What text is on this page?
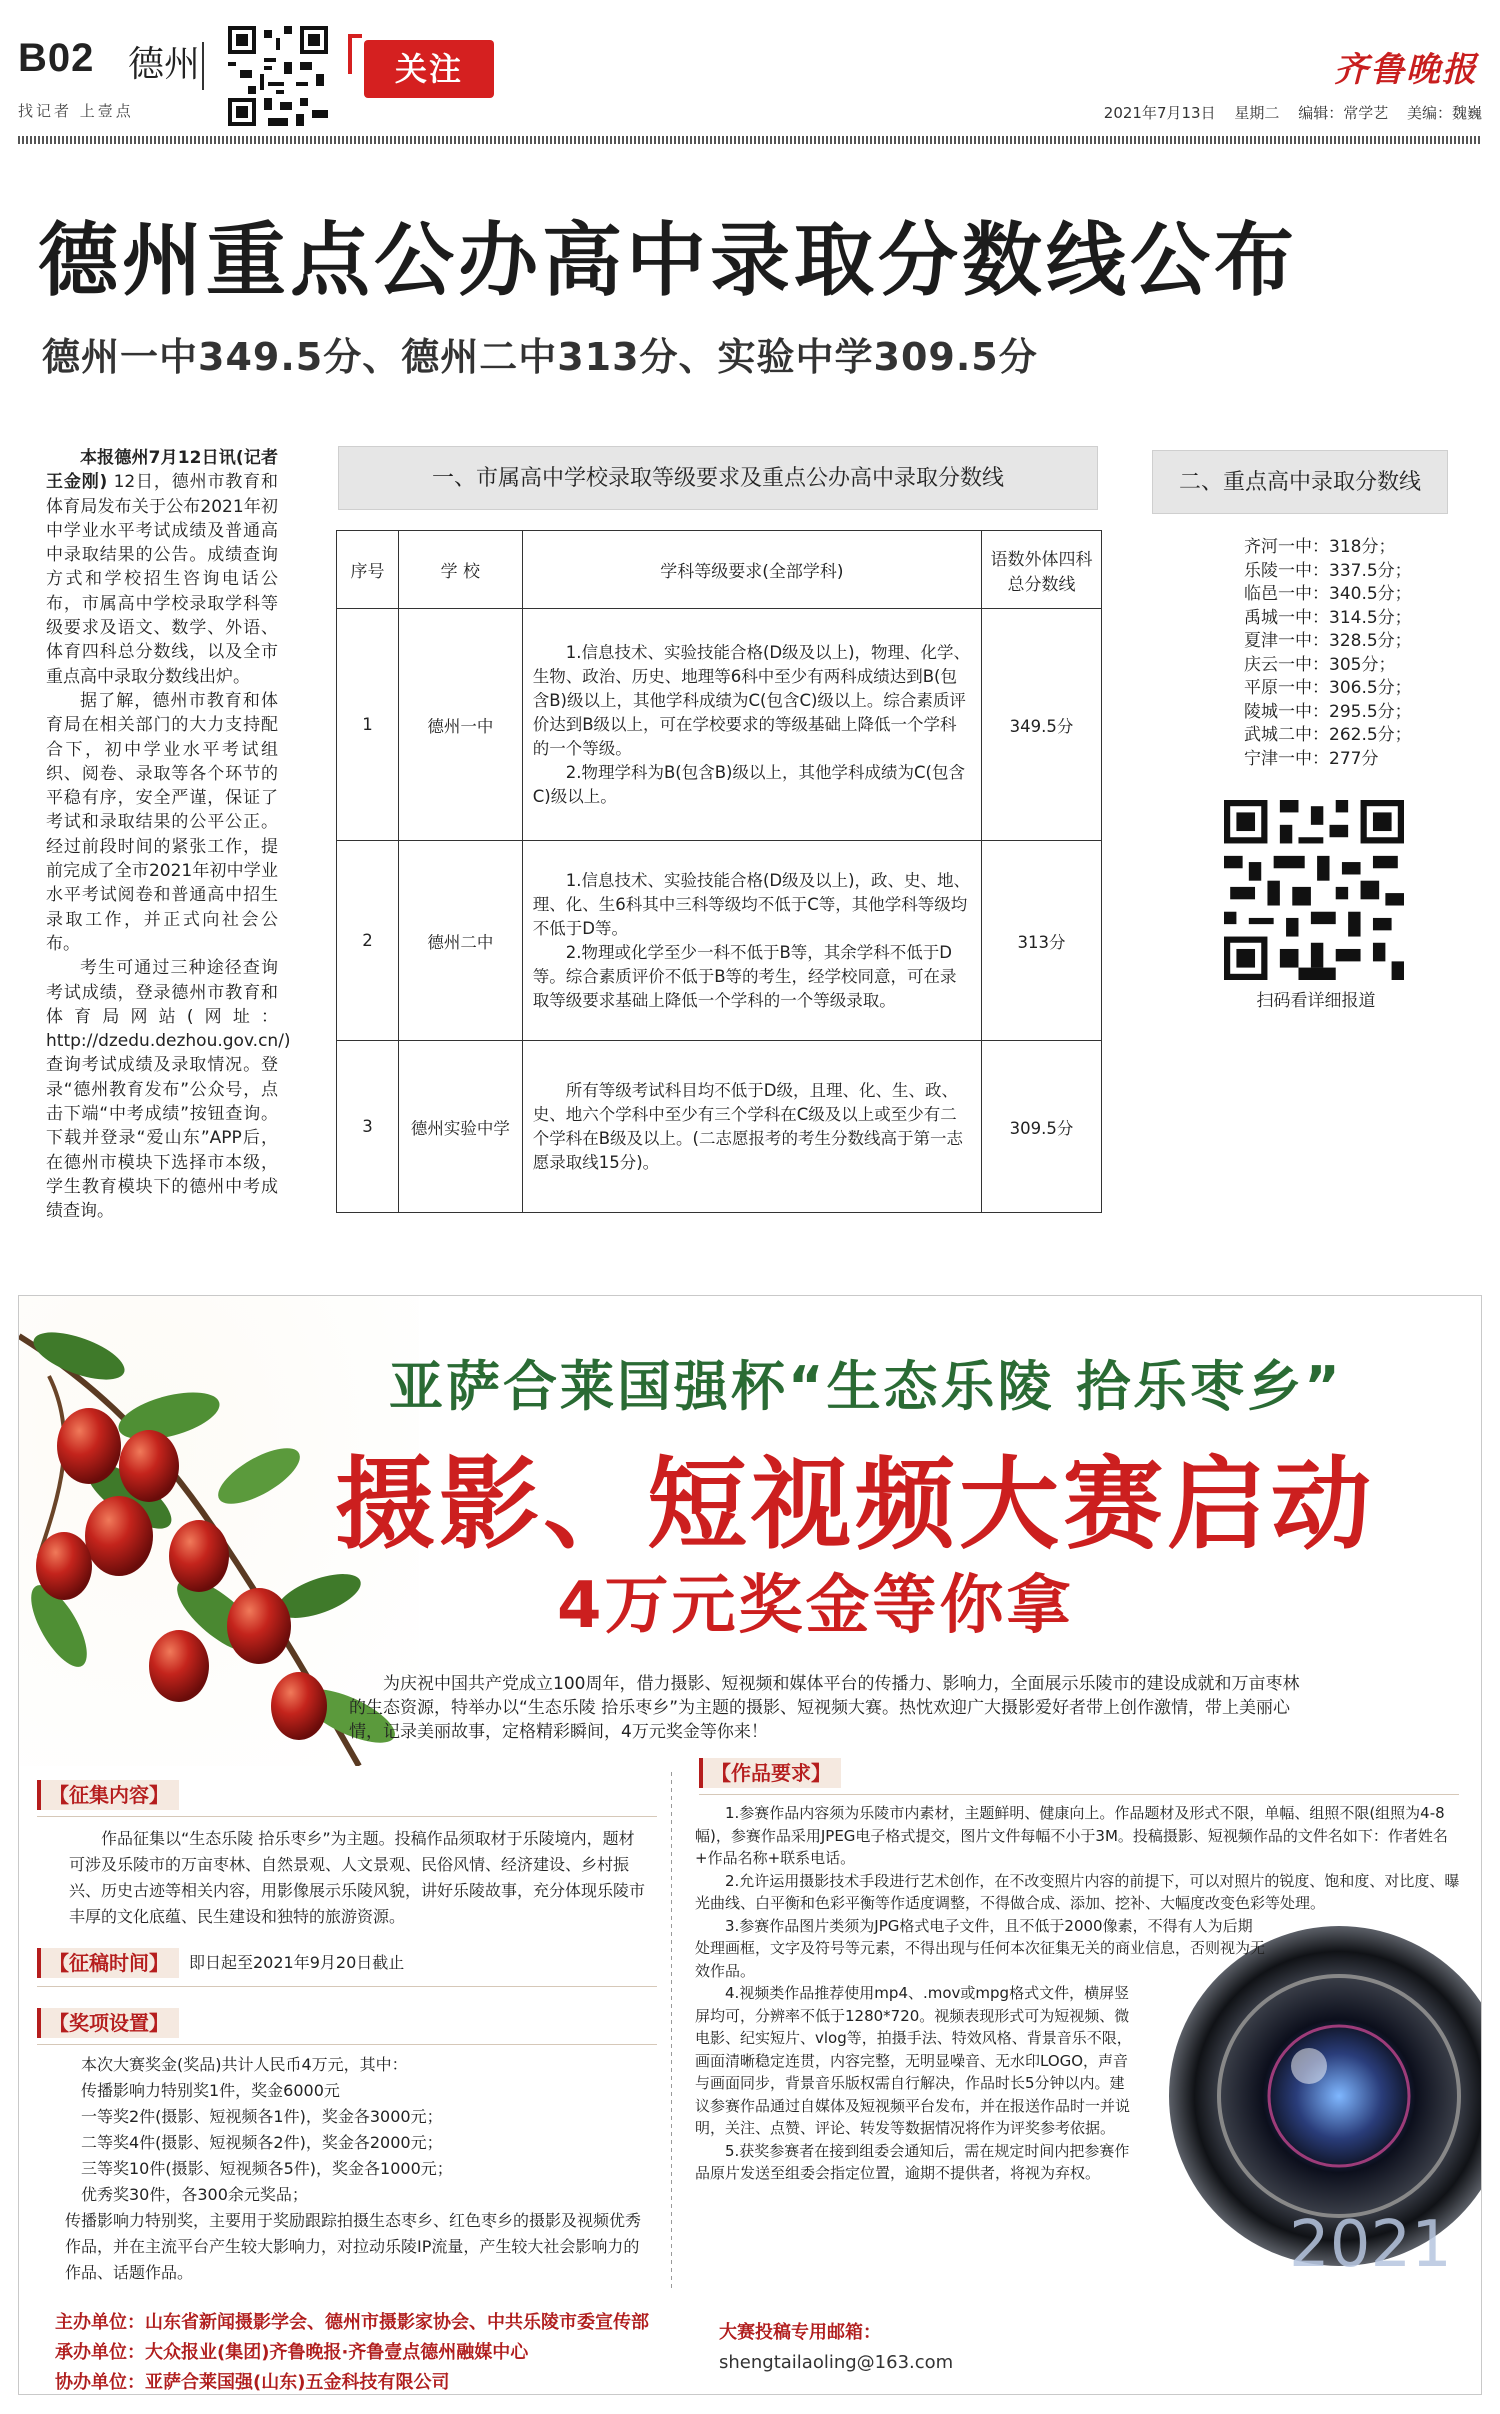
B02 德州	关注
找记者 上壹点
齐鲁晚报
2021年7月13日 星期二 编辑：常学艺 美编：魏巍
德州重点公办高中录取分数线公布
德州一中349.5分、德州二中313分、实验中学309.5分

本报德州7月12日讯(记者 王金刚) 12日，德州市教育和体育局发布关于公布2021年初中学业水平考试成绩及普通高中录取结果的公告。成绩查询方式和学校招生咨询电话公布，市属高中学校录取学科等级要求及语文、数学、外语、体育四科总分数线，以及全市重点高中录取分数线出炉。

据了解，德州市教育和体育局在相关部门的大力支持配合下，初中学业水平考试组织、阅卷、录取等各个环节的平稳有序，安全严谨，保证了考试和录取结果的公平公正。经过前段时间的紧张工作，提前完成了全市2021年初中学业水平考试阅卷和普通高中招生录取工作，并正式向社会公布。

考生可通过三种途径查询考试成绩，登录德州市教育和体育局网站(网址：http://dzedu.dezhou.gov.cn/)查询考试成绩及录取情况。登录“德州教育发布”公众号，点击下端“中考成绩”按钮查询。下载并登录“爱山东”APP后，在德州市模块下选择市本级，学生教育模块下的德州中考成绩查询。

一、市属高中学校录取等级要求及重点公办高中录取分数线
序号	学 校	学科等级要求(全部学科)	语数外体四科总分数线
1	德州一中	1.信息技术、实验技能合格(D级及以上)，物理、化学、生物、政治、历史、地理等6科中至少有两科成绩达到B(包含B)级以上，其他学科成绩为C(包含C)级以上。综合素质评价达到B级以上，可在学校要求的等级基础上降低一个学科的一个等级。

2.物理学科为B(包含B)级以上，其他学科成绩为C(包含C)级以上。	349.5分
2	德州二中	1.信息技术、实验技能合格(D级及以上)，政、史、地、理、化、生6科其中三科等级均不低于C等，其他学科等级均不低于D等。

2.物理或化学至少一科不低于B等，其余学科不低于D等。综合素质评价不低于B等的考生，经学校同意，可在录取等级要求基础上降低一个学科的一个等级录取。	313分
3	德州实验中学	所有等级考试科目均不低于D级，且理、化、生、政、史、地六个学科中至少有三个学科在C级及以上或至少有二个学科在B级及以上。(二志愿报考的考生分数线高于第一志愿录取线15分)。	309.5分
二、重点高中录取分数线
齐河一中：318分；
乐陵一中：337.5分；
临邑一中：340.5分；
禹城一中：314.5分；
夏津一中：328.5分；
庆云一中：305分；
平原一中：306.5分；
陵城一中：295.5分；
武城二中：262.5分；
宁津一中：277分
扫码看详细报道
2021
亚萨合莱国强杯“生态乐陵 拾乐枣乡”
摄影、短视频大赛启动
4万元奖金等你拿

为庆祝中国共产党成立100周年，借力摄影、短视频和媒体平台的传播力、影响力，全面展示乐陵市的建设成就和万亩枣林的生态资源，特举办以“生态乐陵 拾乐枣乡”为主题的摄影、短视频大赛。热忱欢迎广大摄影爱好者带上创作激情，带上美丽心情，记录美丽故事，定格精彩瞬间，4万元奖金等你来！

【征集内容】

作品征集以“生态乐陵 拾乐枣乡”为主题。投稿作品须取材于乐陵境内，题材可涉及乐陵市的万亩枣林、自然景观、人文景观、民俗风情、经济建设、乡村振兴、历史古迹等相关内容，用影像展示乐陵风貌，讲好乐陵故事，充分体现乐陵市丰厚的文化底蕴、民生建设和独特的旅游资源。

【征稿时间】	即日起至2021年9月20日截止
【奖项设置】
本次大赛奖金(奖品)共计人民币4万元，其中：
传播影响力特别奖1件，奖金6000元
一等奖2件(摄影、短视频各1件)，奖金各3000元；
二等奖4件(摄影、短视频各2件)，奖金各2000元；
三等奖10件(摄影、短视频各5件)，奖金各1000元；
优秀奖30件，各300余元奖品；
传播影响力特别奖，主要用于奖励跟踪拍摄生态枣乡、红色枣乡的摄影及视频优秀作品，并在主流平台产生较大影响力，对拉动乐陵IP流量，产生较大社会影响力的作品、话题作品。
【作品要求】

1.参赛作品内容须为乐陵市内素材，主题鲜明、健康向上。作品题材及形式不限，单幅、组照不限(组照为4-8幅)，参赛作品采用JPEG电子格式提交，图片文件每幅不小于3M。投稿摄影、短视频作品的文件名如下：作者姓名+作品名称+联系电话。

2.允许运用摄影技术手段进行艺术创作，在不改变照片内容的前提下，可以对照片的锐度、饱和度、对比度、曝光曲线、白平衡和色彩平衡等作适度调整，不得做合成、添加、挖补、大幅度改变色彩等处理。

3.参赛作品图片类须为JPG格式电子文件，且不低于2000像素，不得有人为后期处理画框，文字及符号等元素，不得出现与任何本次征集无关的商业信息，否则视为无效作品。

4.视频类作品推荐使用mp4、.mov或mpg格式文件，横屏竖屏均可，分辨率不低于1280*720。视频表现形式可为短视频、微电影、纪实短片、vlog等，拍摄手法、特效风格、背景音乐不限，画面清晰稳定连贯，内容完整，无明显噪音、无水印LOGO，声音与画面同步，背景音乐版权需自行解决，作品时长5分钟以内。建议参赛作品通过自媒体及短视频平台发布，并在报送作品时一并说明，关注、点赞、评论、转发等数据情况将作为评奖参考依据。

5.获奖参赛者在接到组委会通知后，需在规定时间内把参赛作品原片发送至组委会指定位置，逾期不提供者，将视为弃权。

主办单位：山东省新闻摄影学会、德州市摄影家协会、中共乐陵市委宣传部
承办单位：大众报业(集团)齐鲁晚报·齐鲁壹点德州融媒中心
协办单位：亚萨合莱国强(山东)五金科技有限公司
大赛投稿专用邮箱：
shengtailaoling@163.com
